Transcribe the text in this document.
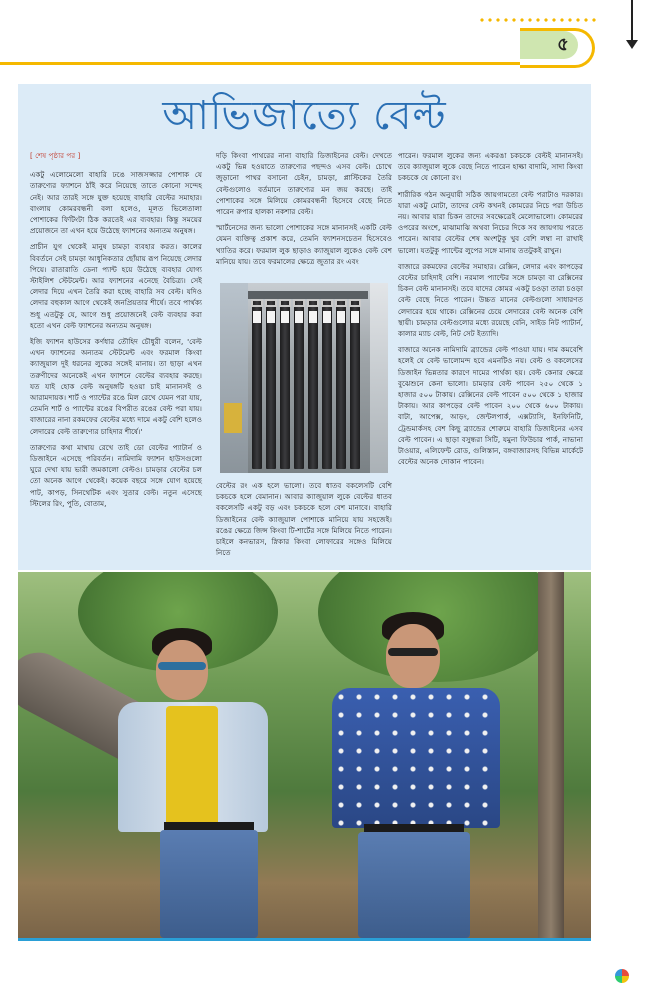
৫
আভিজাত্যে বেল্ট

[ শেষ পৃষ্ঠার পর ]

একটু এলোমেলো বাহারি ঢঙে সাজসজ্জার পোশাক যে তারুণ্যের ফ্যাশনে ঠাঁই করে নিয়েছে তাতে কোনো সন্দেহ নেই। আর তারই সঙ্গে যুক্ত হয়েছে বাহারি বেল্টের সমাহার। বাংলায় কোমরবন্ধনী বলা হলেও, মূলত ভিলেতালা পোশাকের ফিটিংটা ঠিক করতেই এর ব্যবহার। কিন্তু সময়ের প্রয়োজনে তা এখন হয়ে উঠেছে ফ্যাশনের অন্যতম অনুষঙ্গ।

প্রাচীন যুগ থেকেই মানুষ চামড়া ব্যবহার করত। কালের বিবর্তনে সেই চামড়া আধুনিকতার ছোঁয়ায় রূপ নিয়েছে লেদার পিয়ে। রাতারাতি ডেনা প্যান্ট হয়ে উঠেছে ব্যবহার যোগ্য স্টাইলিশ স্টেটমেন্ট। আর ফ্যাশনের এনেছে বৈচিত্র্য। সেই লেদার দিয়ে এখন তৈরি করা হচ্ছে বাহারি সব বেল্ট। যদিও লেদার বহুকাল আগে থেকেই জনপ্রিয়তার শীর্ষে। তবে পার্থক্য শুধু এতটুকু যে, আগে শুধু প্রয়োজনেই বেল্ট ব্যবহার করা হতো এখন বেল্ট ফ্যাশনের অন্যতম অনুষঙ্গ।

ইজি ফ্যাশন হাউসের কর্ণধার তৌহিদ চৌধুরী বলেন, 'বেল্ট এখন ফ্যাশনের অন্যতম স্টেটমেন্ট এবং ফরমাল কিংবা ক্যাজুয়াল দুই ধরনের লুকের সঙ্গেই মানায়। তা ছাড়া এখন তরুণীদের অনেকেই এখন ফ্যাশনে বেল্টের ব্যবহার করছে। যত যাই হোক বেল্ট অনুষঙ্গটি হওয়া চাই মানানসই ও আরামদায়ক। শার্ট ও প্যান্টের রঙে মিল রেখে যেমন পরা যায়, তেমনি শার্ট ও প্যান্টের রঙের বিপরীত রঙের বেল্ট পরা যায়। বাজারের নানা রকমফের বেল্টের মধ্যে দামে একটু বেশি হলেও লেদারের বেল্ট তারুণ্যের চাহিদার শীর্ষে।'

তারুণ্যের কথা মাথায় রেখে তাই ডো বেল্টের প্যাটার্ন ও ডিজাইনে এসেছে পরিবর্তন। নামিদামি ফ্যাশন হাউসগুলো ঘুরে দেখা যায় ভারী জমকালো বেল্টও। চামড়ার বেল্টের চল তো অনেক আগে থেকেই। কয়েক বছরে সঙ্গে যোগ হয়েছে পাট, কাপড়, সিনথেটিক এবং সুতার বেল্ট। নতুন এসেছে স্টিলের রিং, পুতি, বোতাম,

দড়ি কিংবা পাথরের নানা বাহারি ডিজাইনের বেল্ট। দেখতে একটু ভিন্ন হওয়াতে তারুণ্যের পছন্দও এসব বেল্ট। চোখে জুড়ানো পাথর বসানো চেইন, চামড়া, প্লাস্টিকের তৈরি বেল্টগুলোও বর্তমানে তারুণ্যের মন জয় করছে। তাই পোশাকের সঙ্গে মিলিয়ে কোমরবন্ধনী হিসেবে বেছে নিতে পারেন রুপার হালকা নকশার বেল্ট।

স্মার্টনেসের জন্য ভালো পোশাকের সঙ্গে মানানসই একটি বেল্ট যেমন ব্যক্তিত্ব প্রকাশ করে, তেমনি ফ্যাশনসচেতন হিসেবেও খ্যাতির করে। ফরমাল লুক ছাড়াও ক্যাজুয়াল লুকেও বেল্ট বেশ মানিয়ে যায়। তবে ফরমালের ক্ষেত্রে জুতার রং এবং

বেল্টের রং এক হলে ভালো। তবে ধাতব বকলেসটি বেশি চকচকে হলে বেমানান। আবার ক্যাজুয়াল লুকে বেল্টের ধাতব বকলেসটি একটু বড় এবং চকচকে হলে বেশ মানাবে। বাহারি ডিজাইনের বেল্ট ক্যাজুয়াল পোশাকে মানিয়ে যায় সহজেই। রঙের ক্ষেত্রে জিন্স কিংবা টি-শার্টের সঙ্গে মিলিয়ে নিতে পারেন। চাইলে কনভারস, স্নিকার কিংবা লোফারের সঙ্গেও মিলিয়ে নিতে

পারেন। ফরমাল লুকের জন্য একরঙা চকচকে বেল্টই মানানসই। তবে ক্যাজুয়াল লুকে বেছে নিতে পারেন হাল্কা বাদামি, সাদা কিংবা চকচকে যে কোনো রং।

শারীরিক গঠন অনুযায়ী সঠিক জায়গামতো বেল্ট পরাটাও দরকার। যারা একটু মোটা, তাদের বেল্ট কখনই কোমরের নিচে পরা উচিত নয়। আবার যারা চিকন তাদের সবক্ষেত্রেই মেলোভালো। কোমরের ওপরের অংশে, মাঝামাঝি অথবা নিচের দিকে সব জায়গায় পরতে পারেন। আবার বেল্টের শেষ অংশটুকু খুব বেশি লম্বা না রাখাই ভালো। যতটুকু প্যান্টের লুপের সঙ্গে মানায় ততটুকই রাখুন।

বাজারে রকমফের বেল্টের সমাহার। রেক্সিন, লেদার এবং কাপড়ের বেল্টের চাহিদাই বেশি। নরমাল প্যান্টের সঙ্গে চামড়া বা রেক্সিনের চিকন বেল্ট মানানসই। তবে যাদের কোমর একটু চওড়া তারা চওড়া বেল্ট বেছে নিতে পারেন। উচ্চত মানের বেল্টগুলো সাধারণত লেদারের হয়ে থাকে। রেক্সিনের চেয়ে লেদারের বেল্ট অনেক বেশি স্থায়ী। চামড়ার বেল্টগুলোর মধ্যে রয়েছে বেনি, সাইড নিট প্যাটার্ন, কালার ম্যাচ বেল্ট, নিট সেট ইত্যাদি।

বাজারে অনেক নামিদামি ব্র্যান্ডের বেল্ট পাওয়া যায়। দাম কমবেশি হলেই যে বেল্ট ভালোমন্দ হবে এমনটিও নয়। বেল্ট ও বকলেসের ডিজাইন ভিন্নতার কারণে দামের পার্থক্য হয়। বেল্ট কেনার ক্ষেত্রে বুঝেশুনে কেনা ভালো। চামড়ার বেল্ট পাবেন ২৫০ থেকে ১ হাজার ৫০০ টাকায়। রেক্সিনের বেল্ট পাবেন ৫০০ থেকে ১ হাজার টাকায়। আর কাপড়ের বেল্ট পাবেন ২০০ থেকে ৬০০ টাকায়। বাটা, আপেক্স, আড়ং, জেন্টলপার্ক, এক্সট্যাসি, ইনফিনিটি, ট্রেন্ডমার্কসহ বেশ কিছু ব্র্যান্ডের শোরুমে বাহারি ডিজাইনের এসব বেল্ট পাবেন। এ ছাড়া বসুন্ধরা সিটি, যমুনা ফিউচার পার্ক, নাভানা টাওয়ার, এলিফেন্ট রোড, গুলিস্তান, বঙ্গবাজারসহ বিভিন্ন মার্কেটে বেল্টের অনেক দোকান পাবেন।
